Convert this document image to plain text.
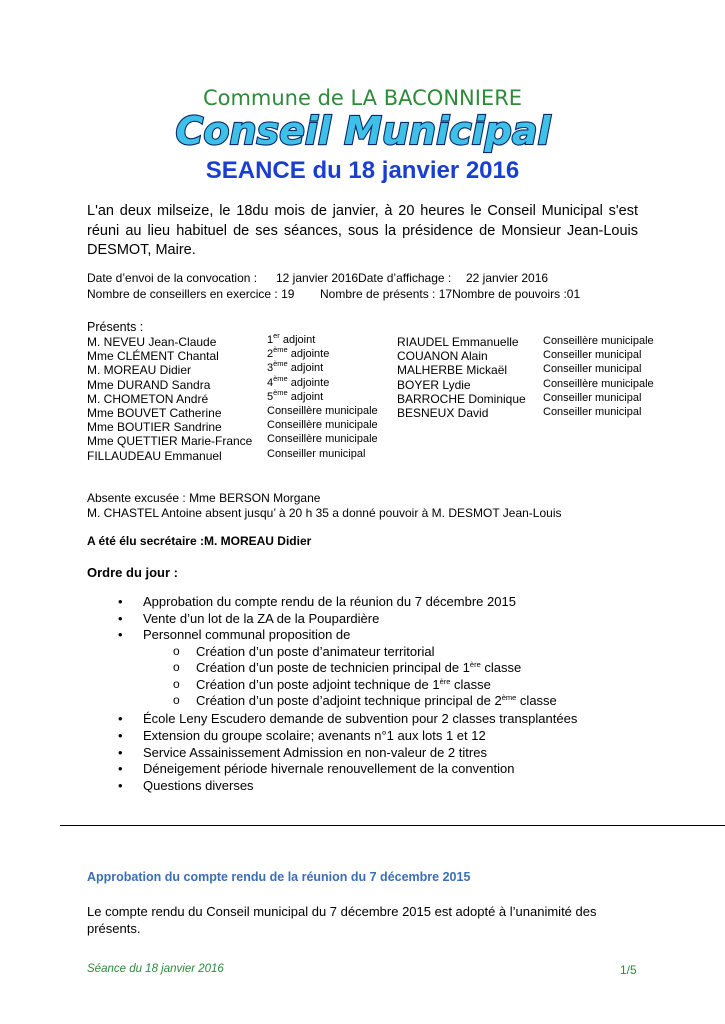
Commune de LA BACONNIERE
Conseil Municipal
SEANCE du 18 janvier 2016
L'an deux milseize, le 18du mois de janvier, à 20 heures le Conseil Municipal s'est réuni au lieu habituel de ses séances, sous la présidence de Monsieur Jean-Louis DESMOT, Maire.
Date d’envoi de la convocation : 12 janvier 2016Date d’affichage : 22 janvier 2016
Nombre de conseillers en exercice : 19 Nombre de présents : 17Nombre de pouvoirs :01
Présents :
M. NEVEU Jean-Claude	1er adjoint
Mme CLÉMENT Chantal	2ème adjointe
M. MOREAU Didier	3ème adjoint
Mme DURAND Sandra	4ème adjointe
M. CHOMETON André	5ème adjoint
Mme BOUVET Catherine	Conseillère municipale
Mme BOUTIER Sandrine	Conseillère municipale
Mme QUETTIER Marie-France Conseillère municipale
FILLAUDEAU Emmanuel	Conseiller municipal
RIAUDEL Emmanuelle Conseillère municipale
COUANON Alain	Conseiller municipal
MALHERBE Mickaël	Conseiller municipal
BOYER Lydie	Conseillère municipale
BARROCHE Dominique Conseiller municipal
BESNEUX David	Conseiller municipal
Absente excusée : Mme BERSON Morgane
M. CHASTEL Antoine absent jusqu’ à 20 h 35 a donné pouvoir à M. DESMOT Jean-Louis
A été élu secrétaire :M. MOREAU Didier
Ordre du jour :
• Approbation du compte rendu de la réunion du 7 décembre 2015
• Vente d’un lot de la ZA de la Poupardière
• Personnel communal proposition de
• École Leny Escudero demande de subvention pour 2 classes transplantées
• Extension du groupe scolaire; avenants n°1 aux lots 1 et 12
• Service Assainissement Admission en non-valeur de 2 titres
• Déneigement période hivernale renouvellement de la convention
• Questions diverses
o Création d’un poste d’animateur territorial
o Création d’un poste de technicien principal de 1ère classe
o Création d’un poste adjoint technique de 1ère classe
o Création d’un poste d’adjoint technique principal de 2ème classe
Approbation du compte rendu de la réunion du 7 décembre 2015
Le compte rendu du Conseil municipal du 7 décembre 2015 est adopté à l’unanimité des présents.
Séance du 18 janvier 2016	1/5
